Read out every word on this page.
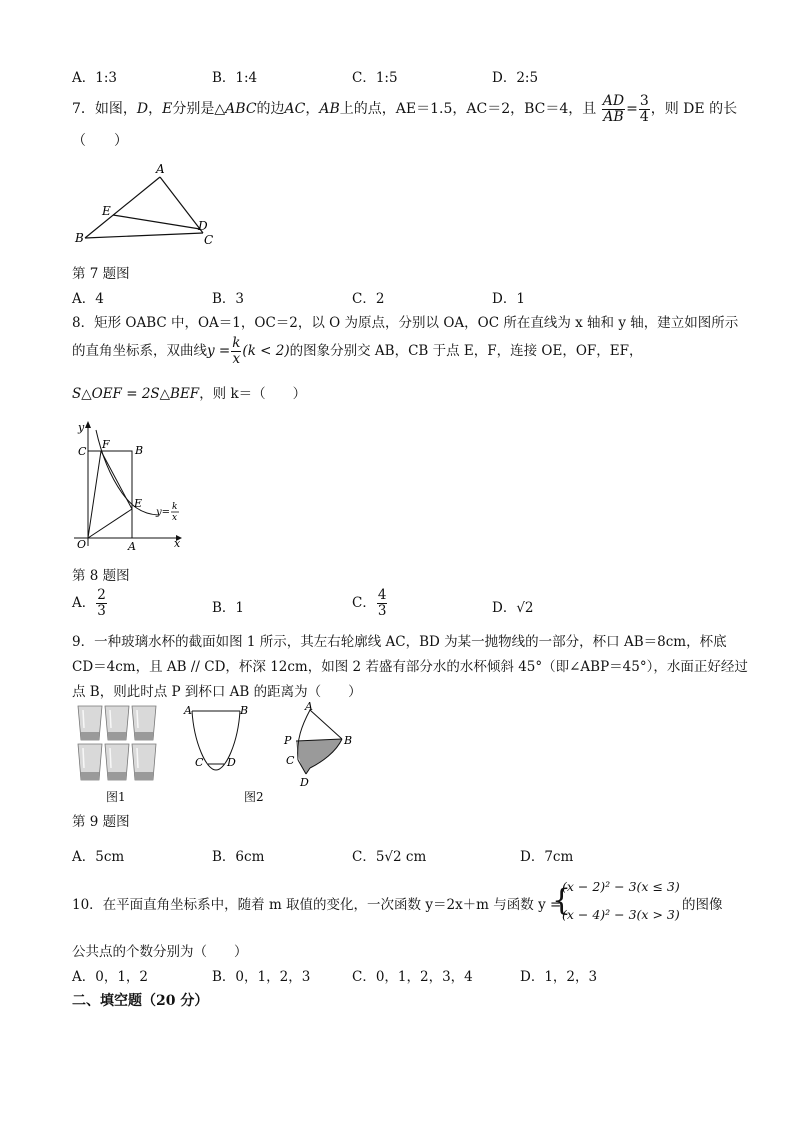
A．1:3	B．1:4	C．1:5	D．2:5
7．如图，D，E分别是△ABC的边AC，AB上的点，AE＝1.5，AC＝2，BC＝4，且 $\frac{AD}{AB} = \frac{3}{4}$ ，则 DE 的长
（　　）
A
B	C
D
E
第 7 题图
A．4	B．3	C．2	D．1
8．矩形 OABC 中，OA＝1，OC＝2，以 O 为原点，分别以 OA，OC 所在直线为 x 轴和 y 轴，建立如图所示
的直角坐标系，双曲线$y = \frac{k}{x} (k < 2)$的图象分别交 AB，CB 于点 E，F，连接 OE，OF，EF，
S△OEF = 2S△BEF，则 k＝（　　）
y
x
O	A
B
C
E
F
y= k
x
第 8 题图
A． $\frac{2}{3}$	B．1	C． $\frac{4}{3}$	D．√2
9．一种玻璃水杯的截面如图 1 所示，其左右轮廓线 AC，BD 为某一抛物线的一部分，杯口 AB＝8cm，杯底
CD＝4cm，且 AB // CD，杯深 12cm，如图 2 若盛有部分水的水杯倾斜 45°（即∠ABP＝45°），水面正好经过
点 B，则此时点 P 到杯口 AB 的距离为（　　）
图1
A	B
C D
图2
A
B
P
C
D
第 9 题图
A．5cm	B．6cm	C．5√2 cm	D．7cm
10．在平面直角坐标系中，随着 m 取值的变化，一次函数 y＝2x＋m 与函数 y =
{
(x − 2)² − 3(x ≤ 3)
(x − 4)² − 3(x > 3)
的图像
公共点的个数分别为（　　）
A．0，1，2	B．0，1，2，3	C．0，1，2，3，4	D．1，2，3
二、填空题（20 分）
